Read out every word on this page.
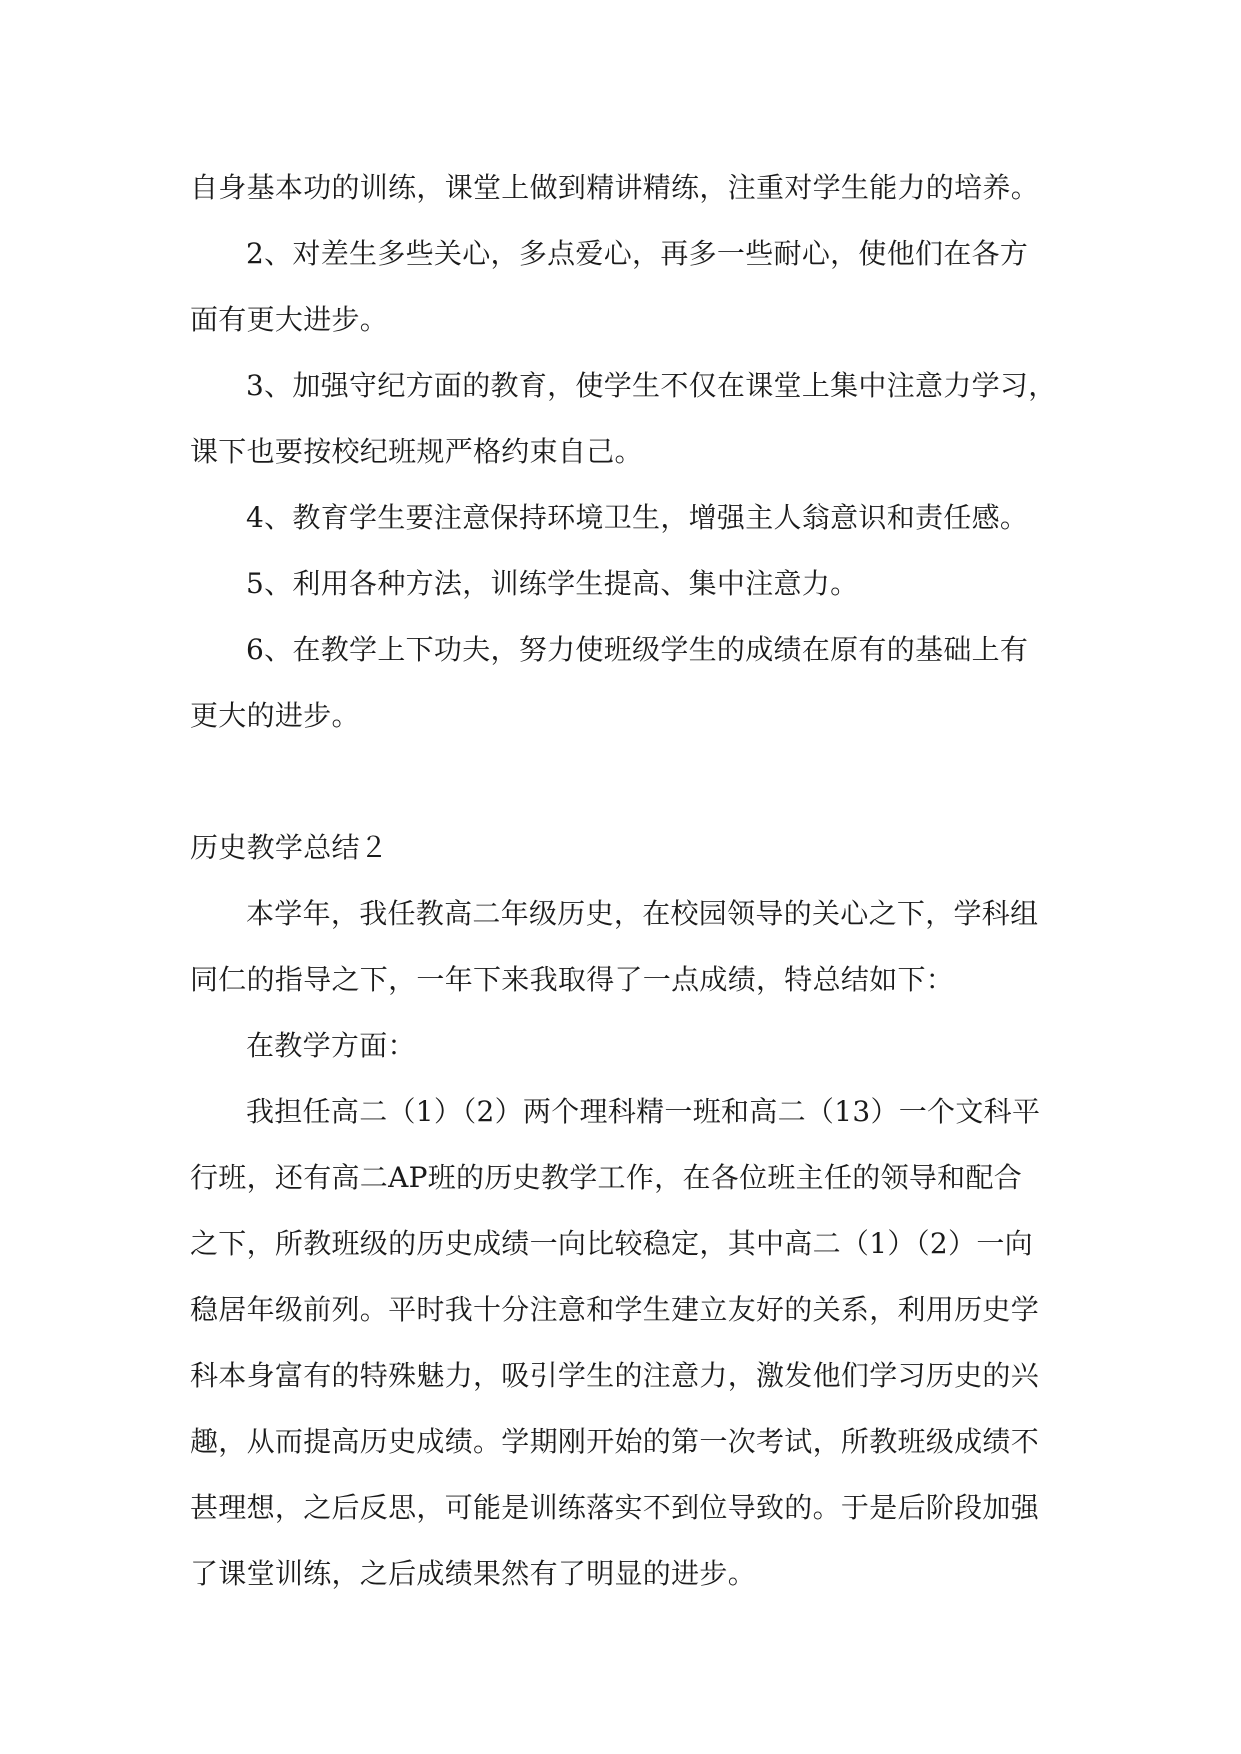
自身基本功的训练，课堂上做到精讲精练，注重对学生能力的培养。
2、对差生多些关心，多点爱心，再多一些耐心，使他们在各方
面有更大进步。
3、加强守纪方面的教育，使学生不仅在课堂上集中注意力学习，
课下也要按校纪班规严格约束自己。
4、教育学生要注意保持环境卫生，增强主人翁意识和责任感。
5、利用各种方法，训练学生提高、集中注意力。
6、在教学上下功夫，努力使班级学生的成绩在原有的基础上有
更大的进步。
历史教学总结２
本学年，我任教高二年级历史，在校园领导的关心之下，学科组
同仁的指导之下，一年下来我取得了一点成绩，特总结如下：
在教学方面：
我担任高二（1）（2）两个理科精一班和高二（13）一个文科平
行班，还有高二AP班的历史教学工作，在各位班主任的领导和配合
之下，所教班级的历史成绩一向比较稳定，其中高二（1）（2）一向
稳居年级前列。平时我十分注意和学生建立友好的关系，利用历史学
科本身富有的特殊魅力，吸引学生的注意力，激发他们学习历史的兴
趣，从而提高历史成绩。学期刚开始的第一次考试，所教班级成绩不
甚理想，之后反思，可能是训练落实不到位导致的。于是后阶段加强
了课堂训练，之后成绩果然有了明显的进步。
